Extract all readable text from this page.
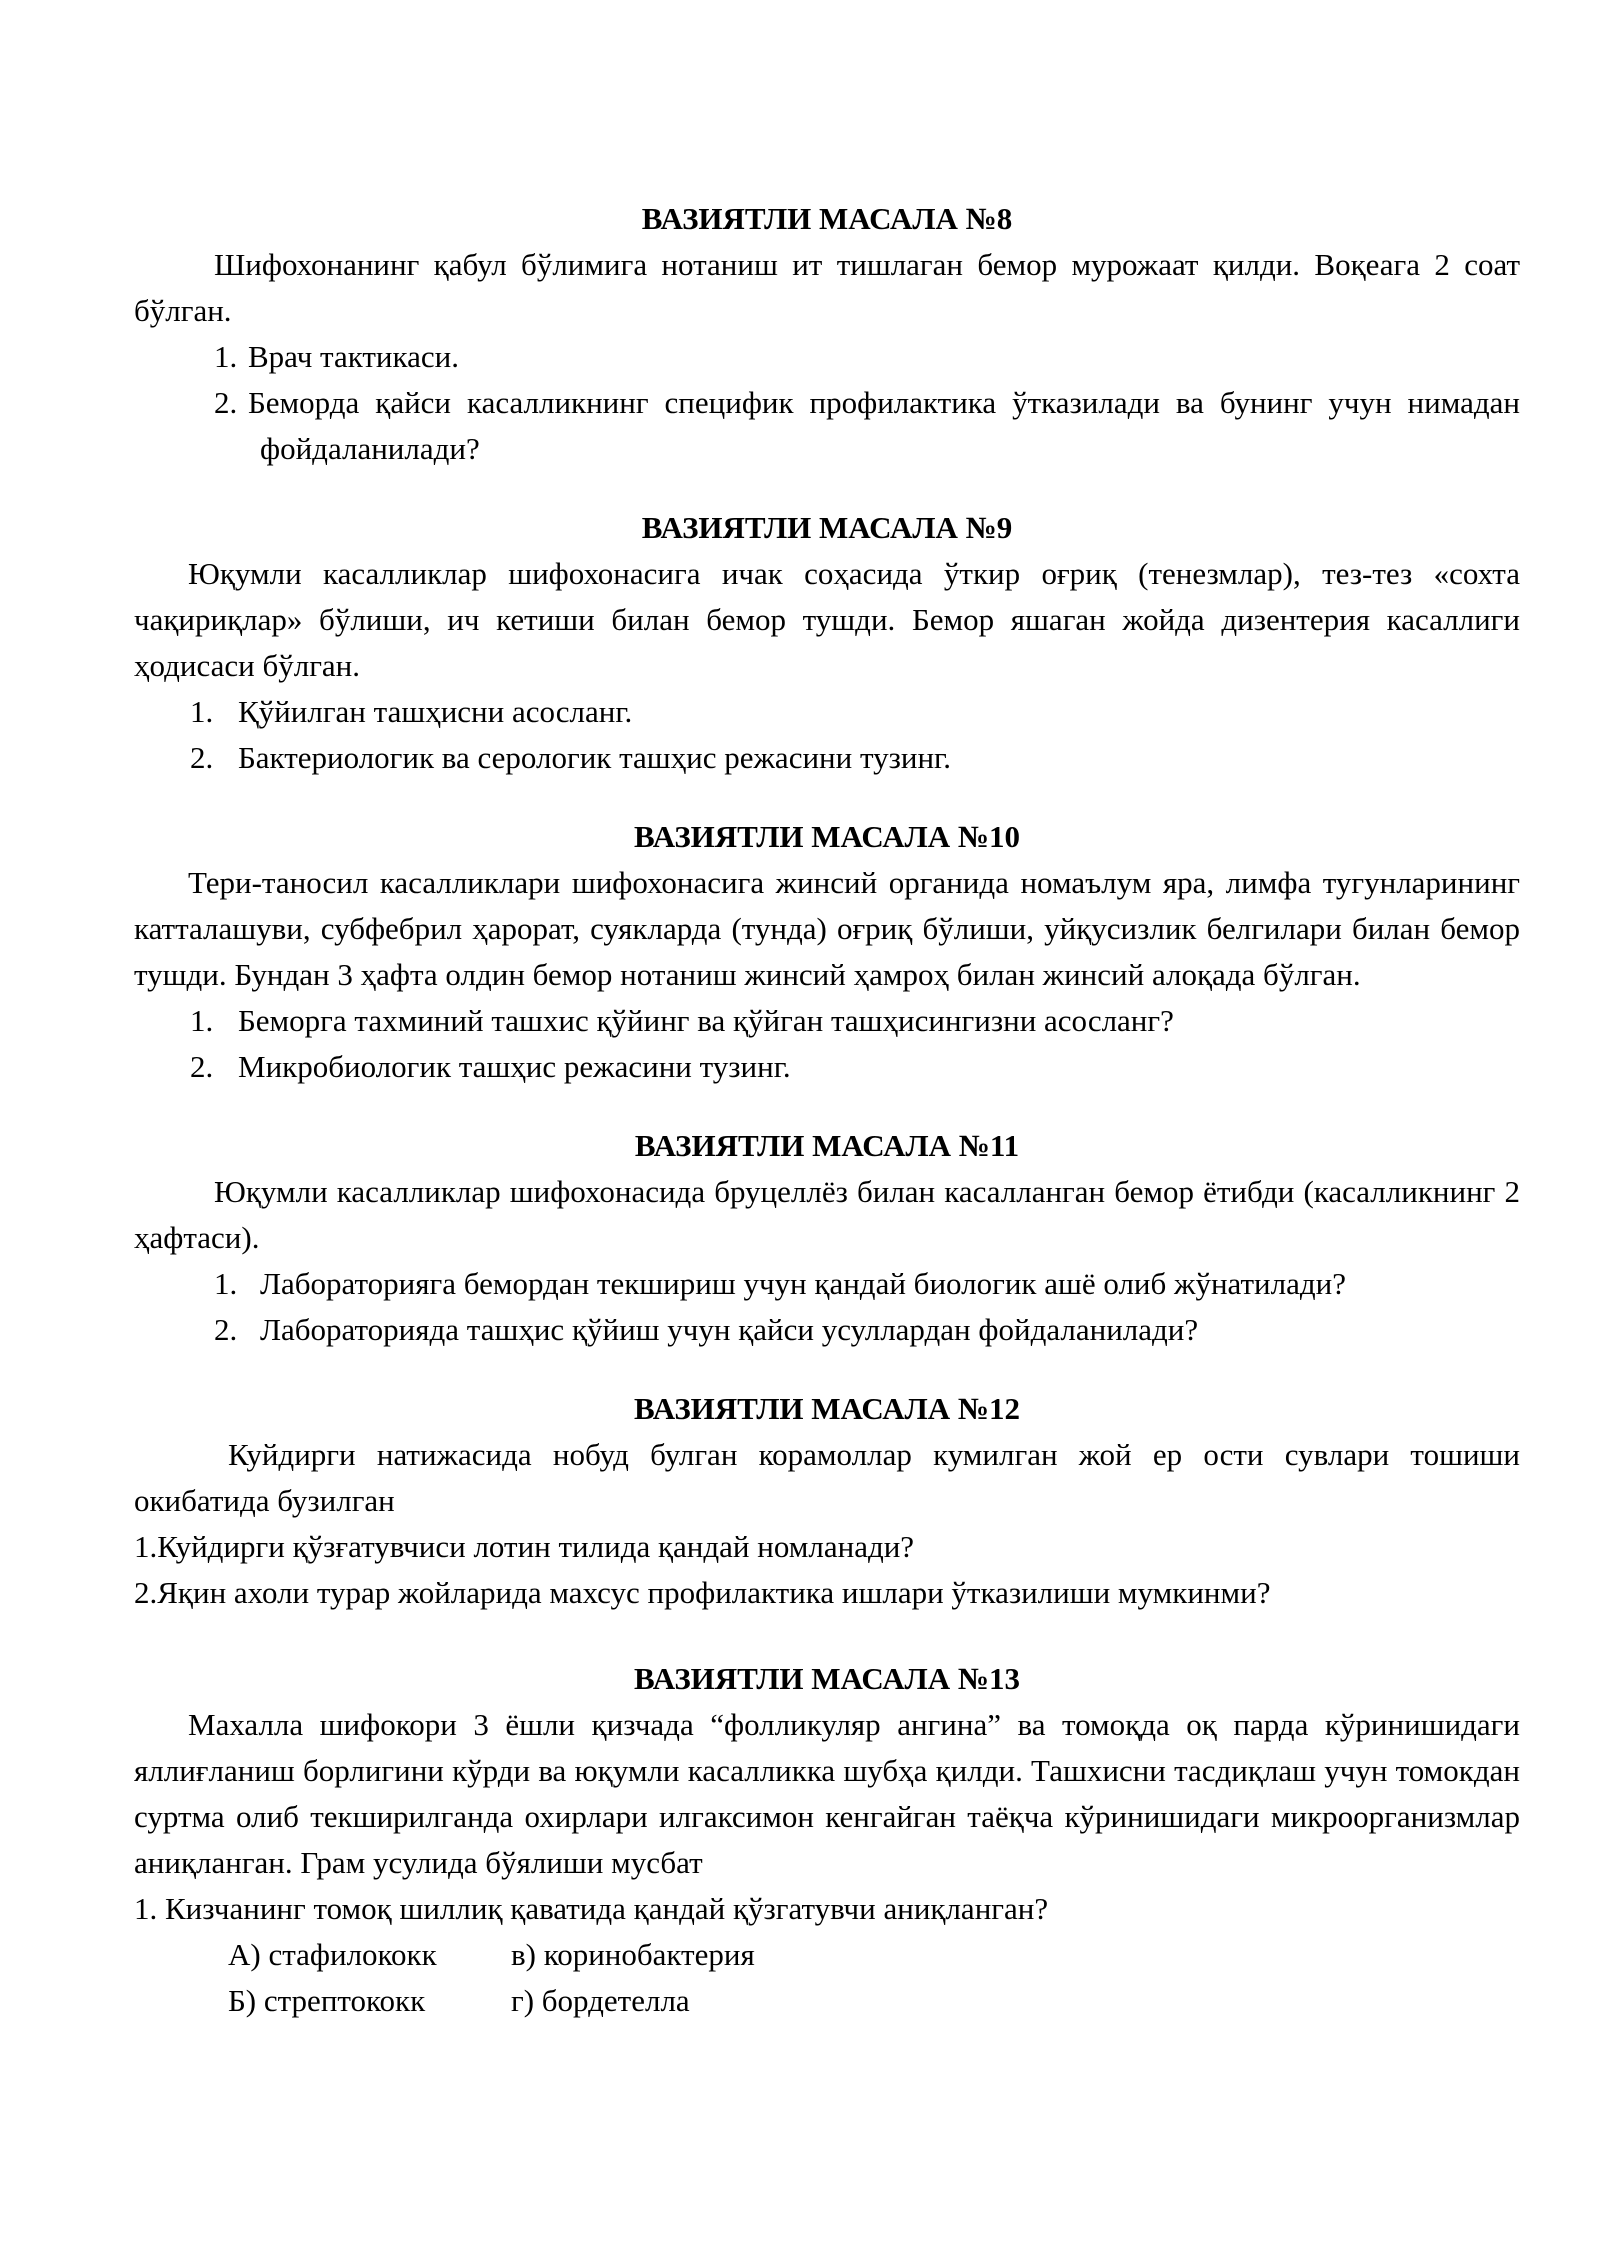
ВАЗИЯТЛИ МАСАЛА №8

Шифохонанинг қабул бўлимига нотаниш ит тишлаган бемор мурожаат қилди. Воқеага 2 соат бўлган.

1. Врач тактикаси.
2. Беморда қайси касалликнинг специфик профилактика ўтказилади ва бунинг учун нимадан фойдаланилади?

ВАЗИЯТЛИ МАСАЛА №9

Юқумли касалликлар шифохонасига ичак соҳасида ўткир оғриқ (тенезмлар), тез-тез «сохта чақириқлар» бўлиши, ич кетиши билан бемор тушди. Бемор яшаган жойда дизентерия касаллиги ҳодисаси бўлган.

1. Қўйилган ташҳисни асосланг.
2. Бактериологик ва серологик ташҳис режасини тузинг.

ВАЗИЯТЛИ МАСАЛА №10

Тери-таносил касалликлари шифохонасига жинсий органида номаълум яра, лимфа тугунларининг катталашуви, субфебрил ҳарорат, суякларда (тунда) оғриқ бўлиши, уйқусизлик белгилари билан бемор тушди. Бундан 3 ҳафта олдин бемор нотаниш жинсий ҳамроҳ билан жинсий алоқада бўлган.

1. Беморга тахминий ташхис қўйинг ва қўйган ташҳисингизни асосланг?
2. Микробиологик ташҳис режасини тузинг.

ВАЗИЯТЛИ МАСАЛА №11

Юқумли касалликлар шифохонасида бруцеллёз билан касалланган бемор ётибди (касалликнинг 2 ҳафтаси).

1. Лабораторияга бемордан текшириш учун қандай биологик ашё олиб жўнатилади?
2. Лабораторияда ташҳис қўйиш учун қайси усуллардан фойдаланилади?

ВАЗИЯТЛИ МАСАЛА №12

Куйдирги натижасида нобуд булган корамоллар кумилган жой ер ости сувлари тошиши окибатида бузилган

1.Куйдирги қўзғатувчиси лотин тилида қандай номланади?

2.Яқин ахоли турар жойларида махсус профилактика ишлари ўтказилиши мумкинми?

ВАЗИЯТЛИ МАСАЛА №13

Махалла шифокори 3 ёшли қизчада “фолликуляр ангина” ва томоқда оқ парда кўринишидаги яллиғланиш борлигини кўрди ва юқумли касалликка шубҳа қилди. Ташхисни тасдиқлаш учун томокдан суртма олиб текширилганда охирлари илгаксимон кенгайган таёқча кўринишидаги микроорганизмлар аниқланган. Грам усулида бўялиши мусбат

1. Кизчанинг томоқ шиллиқ қаватида қандай қўзгатувчи аниқланган?

А) стафилококк	в) коринобактерия
Б) стрептококк	г) бордетелла
